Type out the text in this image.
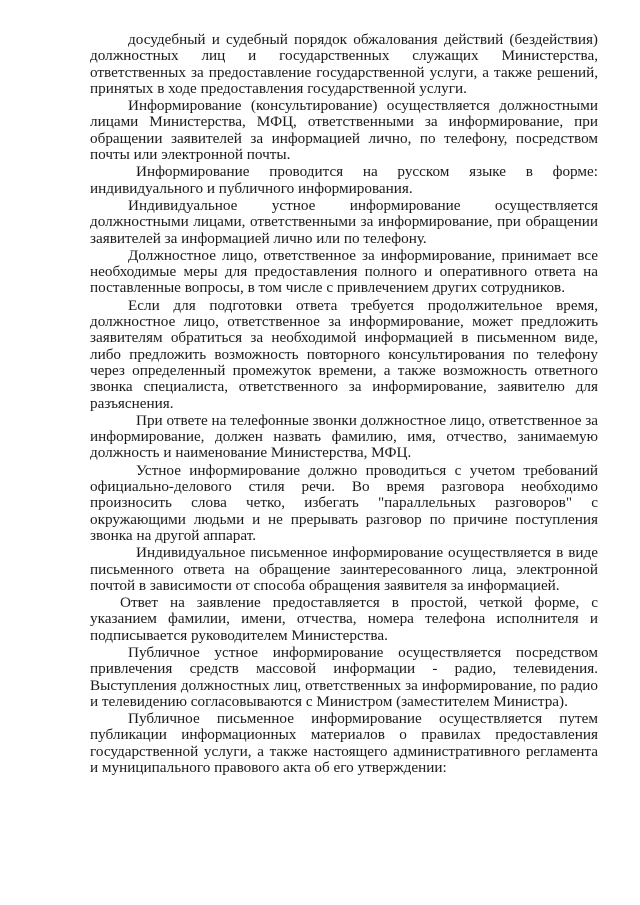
досудебный и судебный порядок обжалования действий (бездействия) должностных лиц и государственных служащих Министерства, ответственных за предоставление государственной услуги, а также решений, принятых в ходе предоставления государственной услуги.

Информирование (консультирование) осуществляется должностными лицами Министерства, МФЦ, ответственными за информирование, при обращении заявителей за информацией лично, по телефону, посредством почты или электронной почты.

Информирование проводится на русском языке в форме: индивидуального и публичного информирования.

Индивидуальное устное информирование осуществляется должностными лицами, ответственными за информирование, при обращении заявителей за информацией лично или по телефону.

Должностное лицо, ответственное за информирование, принимает все необходимые меры для предоставления полного и оперативного ответа на поставленные вопросы, в том числе с привлечением других сотрудников.

Если для подготовки ответа требуется продолжительное время, должностное лицо, ответственное за информирование, может предложить заявителям обратиться за необходимой информацией в письменном виде, либо предложить возможность повторного консультирования по телефону через определенный промежуток времени, а также возможность ответного звонка специалиста, ответственного за информирование, заявителю для разъяснения.

При ответе на телефонные звонки должностное лицо, ответственное за информирование, должен назвать фамилию, имя, отчество, занимаемую должность и наименование Министерства, МФЦ.

Устное информирование должно проводиться с учетом требований официально-делового стиля речи. Во время разговора необходимо произносить слова четко, избегать "параллельных разговоров" с окружающими людьми и не прерывать разговор по причине поступления звонка на другой аппарат.

Индивидуальное письменное информирование осуществляется в виде письменного ответа на обращение заинтересованного лица, электронной почтой в зависимости от способа обращения заявителя за информацией.

Ответ на заявление предоставляется в простой, четкой форме, с указанием фамилии, имени, отчества, номера телефона исполнителя и подписывается руководителем Министерства.

Публичное устное информирование осуществляется посредством привлечения средств массовой информации - радио, телевидения. Выступления должностных лиц, ответственных за информирование, по радио и телевидению согласовываются с Министром (заместителем Министра).

Публичное письменное информирование осуществляется путем публикации информационных материалов о правилах предоставления государственной услуги, а также настоящего административного регламента и муниципального правового акта об его утверждении:
